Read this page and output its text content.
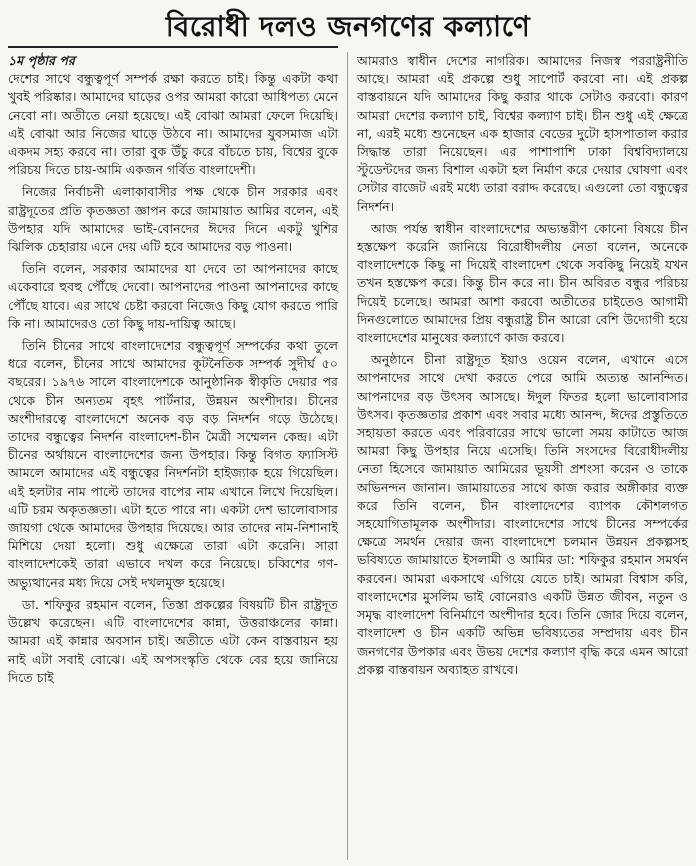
বিরোধী দলও জনগণের কল্যাণে
১ম পৃষ্ঠার পর

দেশের সাথে বন্ধুত্বপূর্ণ সম্পর্ক রক্ষা করতে চাই। কিন্তু একটা কথা খুবই পরিষ্কার। আমাদের ঘাড়ের ওপর আমরা কারো আধিপত্য মেনে নেবো না। অতীতে নেয়া হয়েছে। এই বোঝা আমরা ফেলে দিয়েছি। এই বোঝা আর নিজের ঘাড়ে উঠবে না। আমাদের যুবসমাজ এটা একদম সহ্য করবে না। তারা বুক উঁচু করে বাঁচতে চায়, বিশ্বের বুকে পরিচয় দিতে চায়-আমি একজন গর্বিত বাংলাদেশী।

নিজের নির্বাচনী এলাকাবাসীর পক্ষ থেকে চীন সরকার এবং রাষ্ট্রদূতের প্রতি কৃতজ্ঞতা জ্ঞাপন করে জামায়াত আমির বলেন, এই উপহার যদি আমাদের ভাই-বোনদের ঈদের দিনে একটু খুশির ঝিলিক চেহারায় এনে দেয় এটি হবে আমাদের বড় পাওনা।

তিনি বলেন, সরকার আমাদের যা দেবে তা আপনাদের কাছে একেবারে হুবহু পৌঁছে দেবো। আপনাদের পাওনা আপনাদের কাছে পৌঁছে যাবে। এর সাথে চেষ্টা করবো নিজেও কিছু যোগ করতে পারি কি না। আমাদেরও তো কিছু দায়-দায়িত্ব আছে।

তিনি চীনের সাথে বাংলাদেশের বন্ধুত্বপূর্ণ সম্পর্কের কথা তুলে ধরে বলেন, চীনের সাথে আমাদের কূটনৈতিক সম্পর্ক সুদীর্ঘ ৫০ বছরের। ১৯৭৬ সালে বাংলাদেশকে আনুষ্ঠানিক স্বীকৃতি দেয়ার পর থেকে চীন অন্যতম বৃহৎ পার্টনার, উন্নয়ন অংশীদার। চীনের অংশীদারত্বে বাংলাদেশে অনেক বড় বড় নিদর্শন গড়ে উঠেছে। তাদের বন্ধুত্বের নিদর্শন বাংলাদেশ-চীন মৈত্রী সম্মেলন কেন্দ্র। এটা চীনের অর্থায়নে বাংলাদেশের জন্য উপহার। কিন্তু বিগত ফ্যাসিস্ট আমলে আমাদের এই বন্ধুত্বের নিদর্শনটা হাইজ্যাক হয়ে গিয়েছিল। এই হলটার নাম পাল্টে তাদের বাপের নাম এখানে লিখে দিয়েছিল। এটি চরম অকৃতজ্ঞতা। এটা হতে পারে না। একটা দেশ ভালোবাসার জায়গা থেকে আমাদের উপহার দিয়েছে। আর তাদের নাম-নিশানাই মিশিয়ে দেয়া হলো। শুধু এক্ষেত্রে তারা এটা করেনি। সারা বাংলাদেশকেই তারা এভাবে দখল করে নিয়েছে। চব্বিশের গণ-অভ্যুত্থানের মধ্য দিয়ে সেই দখলমুক্ত হয়েছে।

ডা. শফিকুর রহমান বলেন, তিস্তা প্রকল্পের বিষয়টি চীন রাষ্ট্রদূত উল্লেখ করেছেন। এটি বাংলাদেশের কান্না, উত্তরাঞ্চলের কান্না। আমরা এই কান্নার অবসান চাই। অতীতে এটা কেন বাস্তবায়ন হয় নাই এটা সবাই বোঝে। এই অপসংস্কৃতি থেকে বের হয়ে জানিয়ে দিতে চাই

আমরাও স্বাধীন দেশের নাগরিক। আমাদের নিজস্ব পররাষ্ট্রনীতি আছে। আমরা এই প্রকল্পে শুধু সাপোর্ট করবো না। এই প্রকল্প বাস্তবায়নে যদি আমাদের কিছু করার থাকে সেটাও করবো। কারণ আমরা দেশের কল্যাণ চাই, বিশ্বের কল্যাণ চাই। চীন শুধু এই ক্ষেত্রে না, এরই মধ্যে শুনেছেন এক হাজার বেডের দুটো হাসপাতাল করার সিদ্ধান্ত তারা নিয়েছেন। এর পাশাপাশি ঢাকা বিশ্ববিদ্যালয়ে স্টুডেন্টদের জন্য বিশাল একটা হল নির্মাণ করে দেয়ার ঘোষণা এবং সেটার বাজেট এরই মধ্যে তারা বরাদ্দ করেছে। এগুলো তো বন্ধুত্বের নিদর্শন।

আজ পর্যন্ত স্বাধীন বাংলাদেশের অভ্যন্তরীণ কোনো বিষয়ে চীন হস্তক্ষেপ করেনি জানিয়ে বিরোধীদলীয় নেতা বলেন, অনেকে বাংলাদেশকে কিছু না দিয়েই বাংলাদেশ থেকে সবকিছু নিয়েই যখন তখন হস্তক্ষেপ করে। কিন্তু চীন করে না। চীন অবিরত বন্ধুর পরিচয় দিয়েই চলেছে। আমরা আশা করবো অতীতের চাইতেও আগামী দিনগুলোতে আমাদের প্রিয় বন্ধুরাষ্ট্র চীন আরো বেশি উদ্যোগী হয়ে বাংলাদেশের মানুষের কল্যাণে কাজ করবে।

অনুষ্ঠানে চীনা রাষ্ট্রদূত ইয়াও ওয়েন বলেন, এখানে এসে আপনাদের সাথে দেখা করতে পেরে আমি অত্যন্ত আনন্দিত। আপনাদের বড় উৎসব আসছে। ঈদুল ফিতর হলো ভালোবাসার উৎসব। কৃতজ্ঞতার প্রকাশ এবং সবার মধ্যে আনন্দ, ঈদের প্রস্তুতিতে সহায়তা করতে এবং পরিবারের সাথে ভালো সময় কাটাতে আজ আমরা কিছু উপহার নিয়ে এসেছি। তিনি সংসদের বিরোধীদলীয় নেতা হিসেবে জামায়াত আমিরের ভূয়সী প্রশংসা করেন ও তাকে অভিনন্দন জানান। জামায়াতের সাথে কাজ করার অঙ্গীকার ব্যক্ত করে তিনি বলেন, চীন বাংলাদেশের ব্যাপক কৌশলগত সহযোগিতামূলক অংশীদার। বাংলাদেশের সাথে চীনের সম্পর্কের ক্ষেত্রে সমর্থন দেয়ার জন্য বাংলাদেশে চলমান উন্নয়ন প্রকল্পসহ ভবিষ্যতে জামায়াতে ইসলামী ও আমির ডা: শফিকুর রহমান সমর্থন করবেন। আমরা একসাথে এগিয়ে যেতে চাই। আমরা বিশ্বাস করি, বাংলাদেশের মুসলিম ভাই বোনেরাও একটি উন্নত জীবন, নতুন ও সমৃদ্ধ বাংলাদেশ বিনির্মাণে অংশীদার হবে। তিনি জোর দিয়ে বলেন, বাংলাদেশ ও চীন একটি অভিন্ন ভবিষ্যতের সম্প্রদায় এবং চীন জনগণের উপকার এবং উভয় দেশের কল্যাণ বৃদ্ধি করে এমন আরো প্রকল্প বাস্তবায়ন অব্যাহত রাখবে।
